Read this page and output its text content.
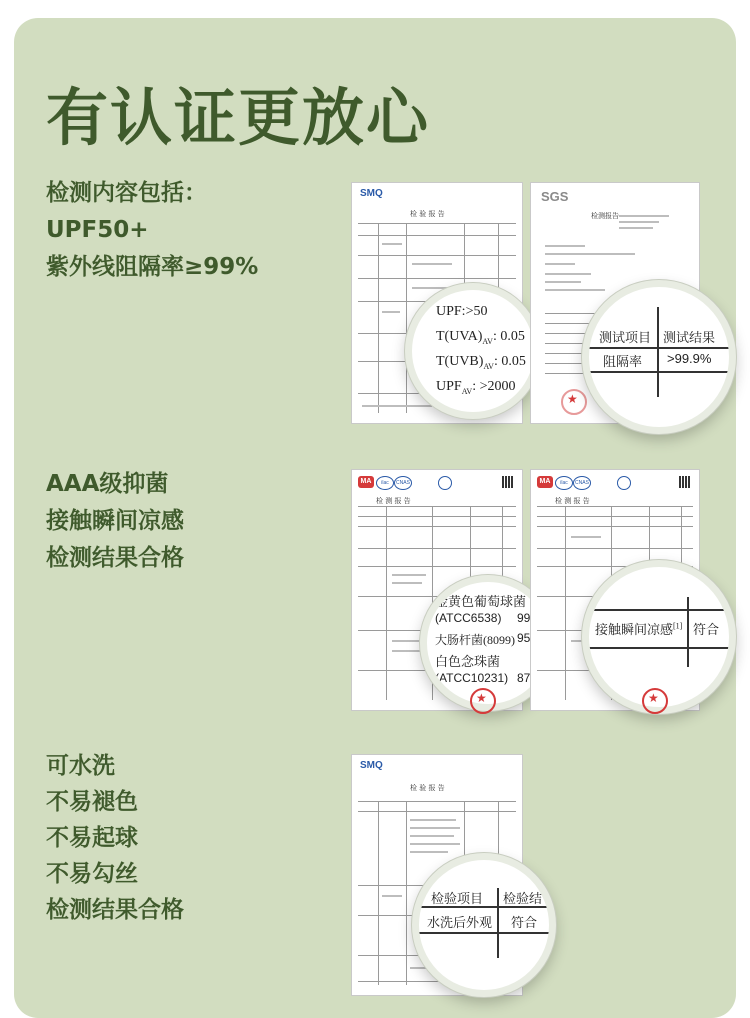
有认证更放心
检测内容包括：
UPF50+
紫外线阻隔率≥99%
AAA级抑菌
接触瞬间凉感
检测结果合格
可水洗
不易褪色
不易起球
不易勾丝
检测结果合格
SMQ
检 验 报 告
UPF:>50
$T(UVA)_{AV}$: 0.05
$T(UVB)_{AV}$: 0.05
$UPF_{AV}$: >2000
SGS
检测报告
★
测试项目 测试结果
阻隔率 >99.9%
MA	ilac	CNAS
检 测 报 告
金黄色葡萄球菌
(ATCC6538) 99
大肠杆菌(8099) 95
白色念珠菌
(ATCC10231) 87
★
MA	ilac	CNAS
检 测 报 告
接触瞬间凉感[1] 符合
★
SMQ
检 验 报 告
检验项目 检验结
水洗后外观 符合
